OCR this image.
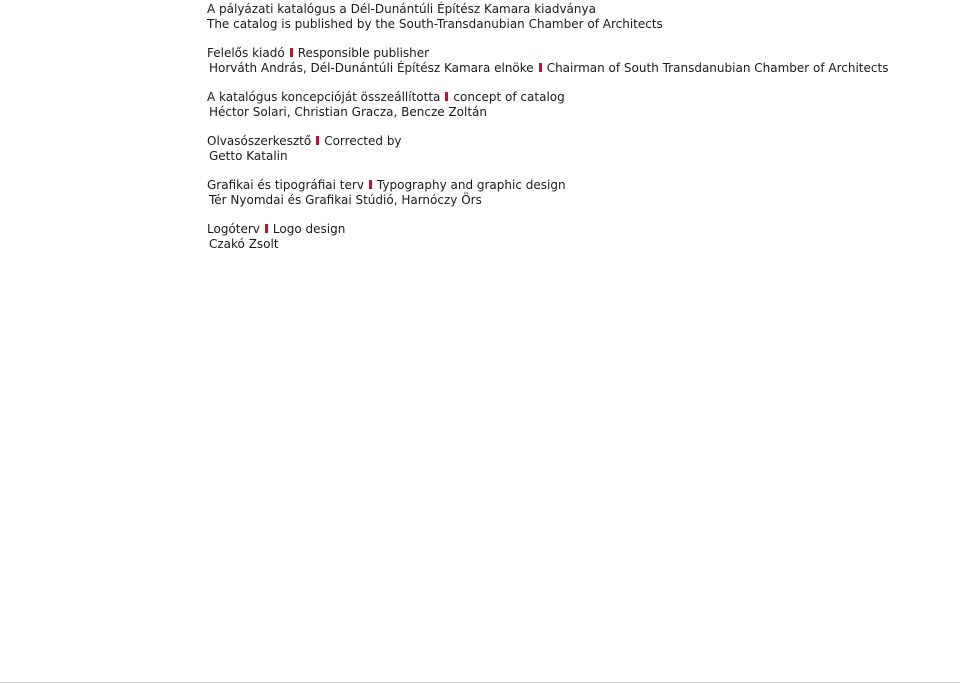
A pályázati katalógus a Dél-Dunántúli Építész Kamara kiadványa
The catalog is published by the South-Transdanubian Chamber of Architects
Felelős kiadó Responsible publisher
Horváth András, Dél-Dunántúli Építész Kamara elnöke Chairman of South Transdanubian Chamber of Architects
A katalógus koncepcióját összeállította concept of catalog
Héctor Solari, Christian Gracza, Bencze Zoltán
Olvasószerkesztő Corrected by
Getto Katalin
Grafikai és tipográfiai terv Typography and graphic design
Tér Nyomdai és Grafikai Stúdió, Harnóczy Örs
Logóterv Logo design
Czakó Zsolt
